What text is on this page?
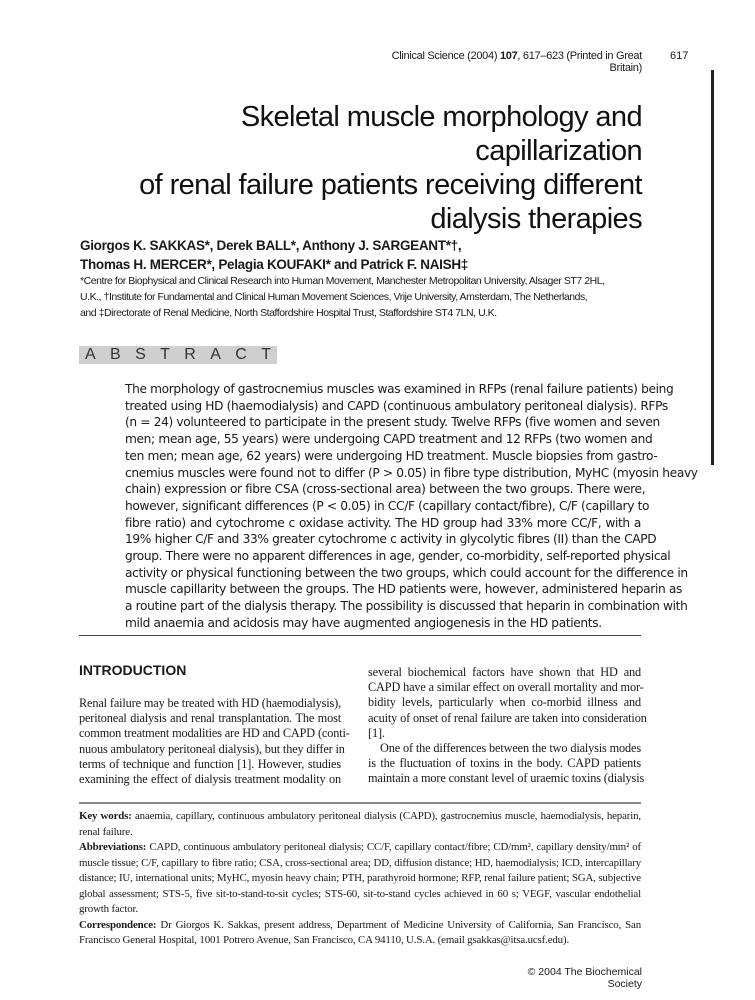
Clinical Science (2004) 107, 617–623 (Printed in Great Britain)
617
Skeletal muscle morphology and capillarization
of renal failure patients receiving different
dialysis therapies
Giorgos K. SAKKAS*, Derek BALL*, Anthony J. SARGEANT*†,
Thomas H. MERCER*, Pelagia KOUFAKI* and Patrick F. NAISH‡
*Centre for Biophysical and Clinical Research into Human Movement, Manchester Metropolitan University, Alsager ST7 2HL,
U.K., †Institute for Fundamental and Clinical Human Movement Sciences, Vrije University, Amsterdam, The Netherlands,
and ‡Directorate of Renal Medicine, North Staffordshire Hospital Trust, Staffordshire ST4 7LN, U.K.
A B S T R A C T
The morphology of gastrocnemius muscles was examined in RFPs (renal failure patients) being
treated using HD (haemodialysis) and CAPD (continuous ambulatory peritoneal dialysis). RFPs
(n = 24) volunteered to participate in the present study. Twelve RFPs (five women and seven
men; mean age, 55 years) were undergoing CAPD treatment and 12 RFPs (two women and
ten men; mean age, 62 years) were undergoing HD treatment. Muscle biopsies from gastro-
cnemius muscles were found not to differ (P > 0.05) in fibre type distribution, MyHC (myosin heavy
chain) expression or fibre CSA (cross-sectional area) between the two groups. There were,
however, significant differences (P < 0.05) in CC/F (capillary contact/fibre), C/F (capillary to
fibre ratio) and cytochrome c oxidase activity. The HD group had 33% more CC/F, with a
19% higher C/F and 33% greater cytochrome c activity in glycolytic fibres (II) than the CAPD
group. There were no apparent differences in age, gender, co-morbidity, self-reported physical
activity or physical functioning between the two groups, which could account for the difference in
muscle capillarity between the groups. The HD patients were, however, administered heparin as
a routine part of the dialysis therapy. The possibility is discussed that heparin in combination with
mild anaemia and acidosis may have augmented angiogenesis in the HD patients.
INTRODUCTION
Renal failure may be treated with HD (haemodialysis),
peritoneal dialysis and renal transplantation. The most
common treatment modalities are HD and CAPD (conti-
nuous ambulatory peritoneal dialysis), but they differ in
terms of technique and function [1]. However, studies
examining the effect of dialysis treatment modality on
several biochemical factors have shown that HD and
CAPD have a similar effect on overall mortality and mor-
bidity levels, particularly when co-morbid illness and
acuity of onset of renal failure are taken into consideration
[1].
One of the differences between the two dialysis modes
is the fluctuation of toxins in the body. CAPD patients
maintain a more constant level of uraemic toxins (dialysis
Key words: anaemia, capillary, continuous ambulatory peritoneal dialysis (CAPD), gastrocnemius muscle, haemodialysis, heparin, renal failure.
Abbreviations: CAPD, continuous ambulatory peritoneal dialysis; CC/F, capillary contact/fibre; CD/mm², capillary density/mm² of muscle tissue; C/F, capillary to fibre ratio; CSA, cross-sectional area; DD, diffusion distance; HD, haemodialysis; ICD, intercapillary distance; IU, international units; MyHC, myosin heavy chain; PTH, parathyroid hormone; RFP, renal failure patient; SGA, subjective global assessment; STS-5, five sit-to-stand-to-sit cycles; STS-60, sit-to-stand cycles achieved in 60 s; VEGF, vascular endothelial growth factor.
Correspondence: Dr Giorgos K. Sakkas, present address, Department of Medicine University of California, San Francisco, San Francisco General Hospital, 1001 Potrero Avenue, San Francisco, CA 94110, U.S.A. (email gsakkas@itsa.ucsf.edu).
© 2004 The Biochemical Society
